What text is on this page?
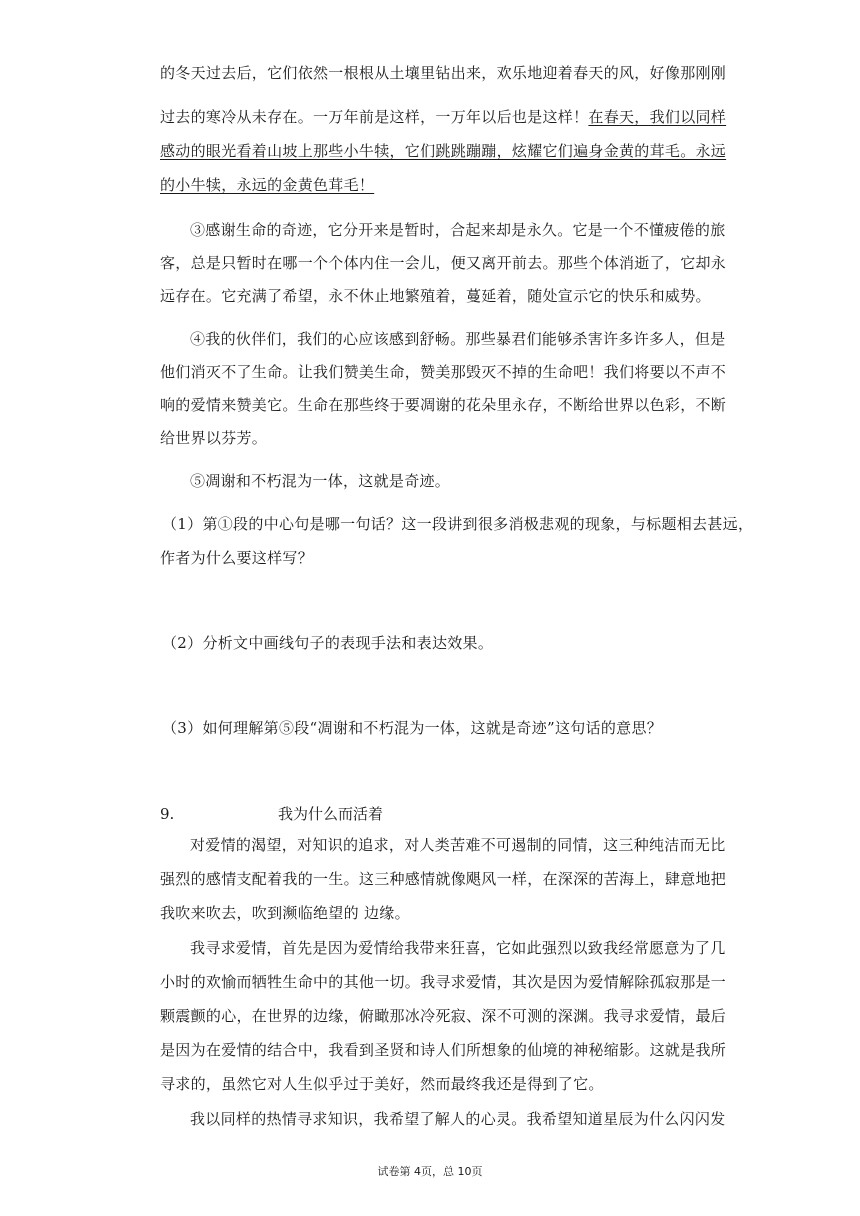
的冬天过去后，它们依然一根根从土壤里钻出来，欢乐地迎着春天的风，好像那刚刚
过去的寒冷从未存在。一万年前是这样，一万年以后也是这样！在春天，我们以同样
感动的眼光看着山坡上那些小牛犊，它们跳跳蹦蹦，炫耀它们遍身金黄的茸毛。永远
的小牛犊，永远的金黄色茸毛！
③感谢生命的奇迹，它分开来是暂时，合起来却是永久。它是一个不懂疲倦的旅
客，总是只暂时在哪一个个体内住一会儿，便又离开前去。那些个体消逝了，它却永
远存在。它充满了希望，永不休止地繁殖着，蔓延着，随处宣示它的快乐和威势。
④我的伙伴们，我们的心应该感到舒畅。那些暴君们能够杀害许多许多人，但是
他们消灭不了生命。让我们赞美生命，赞美那毁灭不掉的生命吧！我们将要以不声不
响的爱情来赞美它。生命在那些终于要凋谢的花朵里永存，不断给世界以色彩，不断
给世界以芬芳。
⑤凋谢和不朽混为一体，这就是奇迹。
（1）第①段的中心句是哪一句话？这一段讲到很多消极悲观的现象，与标题相去甚远，
作者为什么要这样写？
（2）分析文中画线句子的表现手法和表达效果。
（3）如何理解第⑤段“凋谢和不朽混为一体，这就是奇迹”这句话的意思？
9.	我为什么而活着
对爱情的渴望，对知识的追求，对人类苦难不可遏制的同情，这三种纯洁而无比
强烈的感情支配着我的一生。这三种感情就像飓风一样，在深深的苦海上，肆意地把
我吹来吹去，吹到濒临绝望的 边缘。
我寻求爱情，首先是因为爱情给我带来狂喜，它如此强烈以致我经常愿意为了几
小时的欢愉而牺牲生命中的其他一切。我寻求爱情，其次是因为爱情解除孤寂那是一
颗震颤的心，在世界的边缘，俯瞰那冰冷死寂、深不可测的深渊。我寻求爱情，最后
是因为在爱情的结合中，我看到圣贤和诗人们所想象的仙境的神秘缩影。这就是我所
寻求的，虽然它对人生似乎过于美好，然而最终我还是得到了它。
我以同样的热情寻求知识，我希望了解人的心灵。我希望知道星辰为什么闪闪发
试卷第 4页，总 10页
